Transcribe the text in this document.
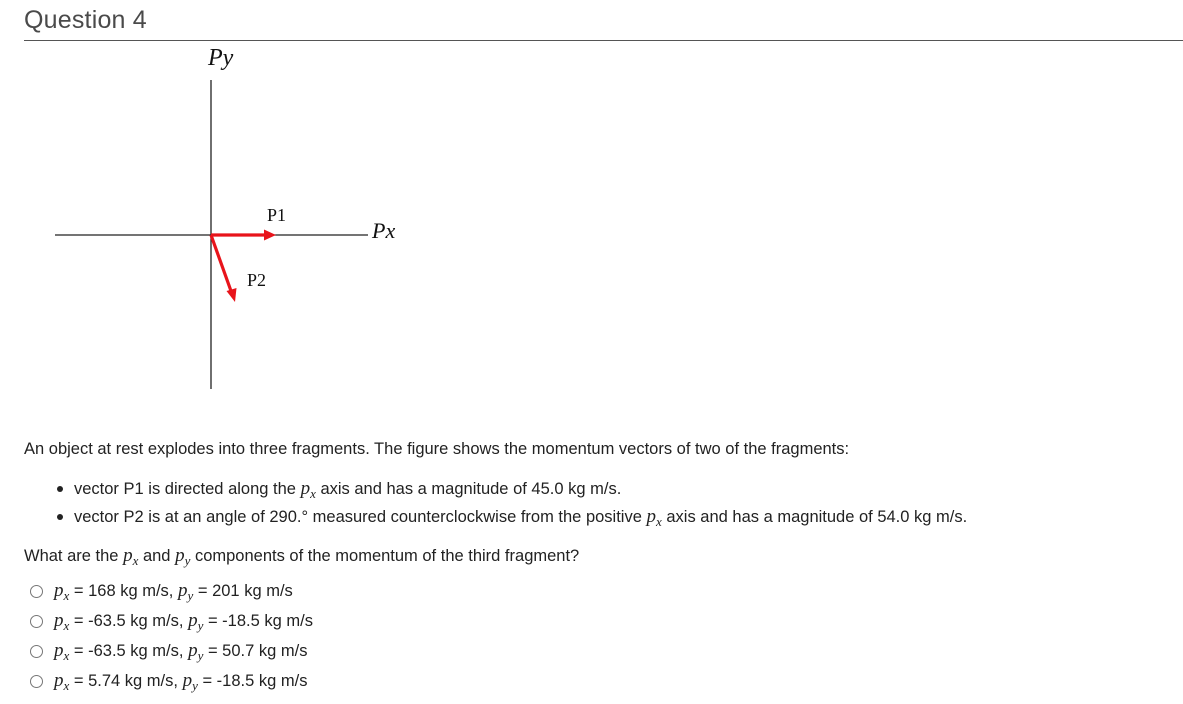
Question 4
Py
Px
P1
P2
An object at rest explodes into three fragments. The figure shows the momentum vectors of two of the fragments:
vector P1 is directed along the $p_x$ axis and has a magnitude of 45.0 kg m/s.
vector P2 is at an angle of 290.° measured counterclockwise from the positive $p_x$ axis and has a magnitude of 54.0 kg m/s.
What are the $p_x$ and $p_y$ components of the momentum of the third fragment?
$p_x = 168$ kg m/s, $p_y = 201$ kg m/s
$p_x = -63.5$ kg m/s, $p_y = -18.5$ kg m/s
$p_x = -63.5$ kg m/s, $p_y = 50.7$ kg m/s
$p_x = 5.74$ kg m/s, $p_y = -18.5$ kg m/s
